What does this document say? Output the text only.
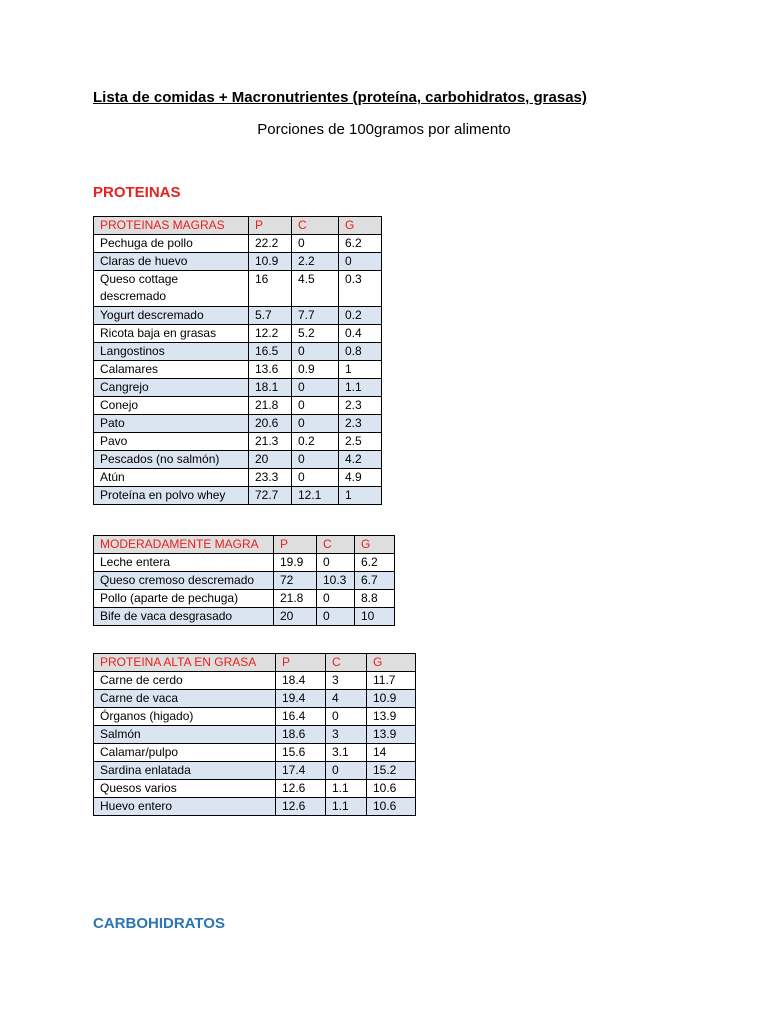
Lista de comidas + Macronutrientes (proteína, carbohidratos, grasas)
Porciones de 100gramos por alimento
PROTEINAS
PROTEINAS MAGRAS	P	C	G
Pechuga de pollo	22.2	0	6.2
Claras de huevo	10.9	2.2	0
Queso cottage descremado	16	4.5	0.3
Yogurt descremado	5.7	7.7	0.2
Ricota baja en grasas	12.2	5.2	0.4
Langostinos	16.5	0	0.8
Calamares	13.6	0.9	1
Cangrejo	18.1	0	1.1
Conejo	21.8	0	2.3
Pato	20.6	0	2.3
Pavo	21.3	0.2	2.5
Pescados (no salmón)	20	0	4.2
Atún	23.3	0	4.9
Proteína en polvo whey	72.7	12.1	1
MODERADAMENTE MAGRA	P	C	G
Leche entera	19.9	0	6.2
Queso cremoso descremado	72	10.3	6.7
Pollo (aparte de pechuga)	21.8	0	8.8
Bife de vaca desgrasado	20	0	10
PROTEINA ALTA EN GRASA	P	C	G
Carne de cerdo	18.4	3	11.7
Carne de vaca	19.4	4	10.9
Órganos (higado)	16.4	0	13.9
Salmón	18.6	3	13.9
Calamar/pulpo	15.6	3.1	14
Sardina enlatada	17.4	0	15.2
Quesos varios	12.6	1.1	10.6
Huevo entero	12.6	1.1	10.6
CARBOHIDRATOS
